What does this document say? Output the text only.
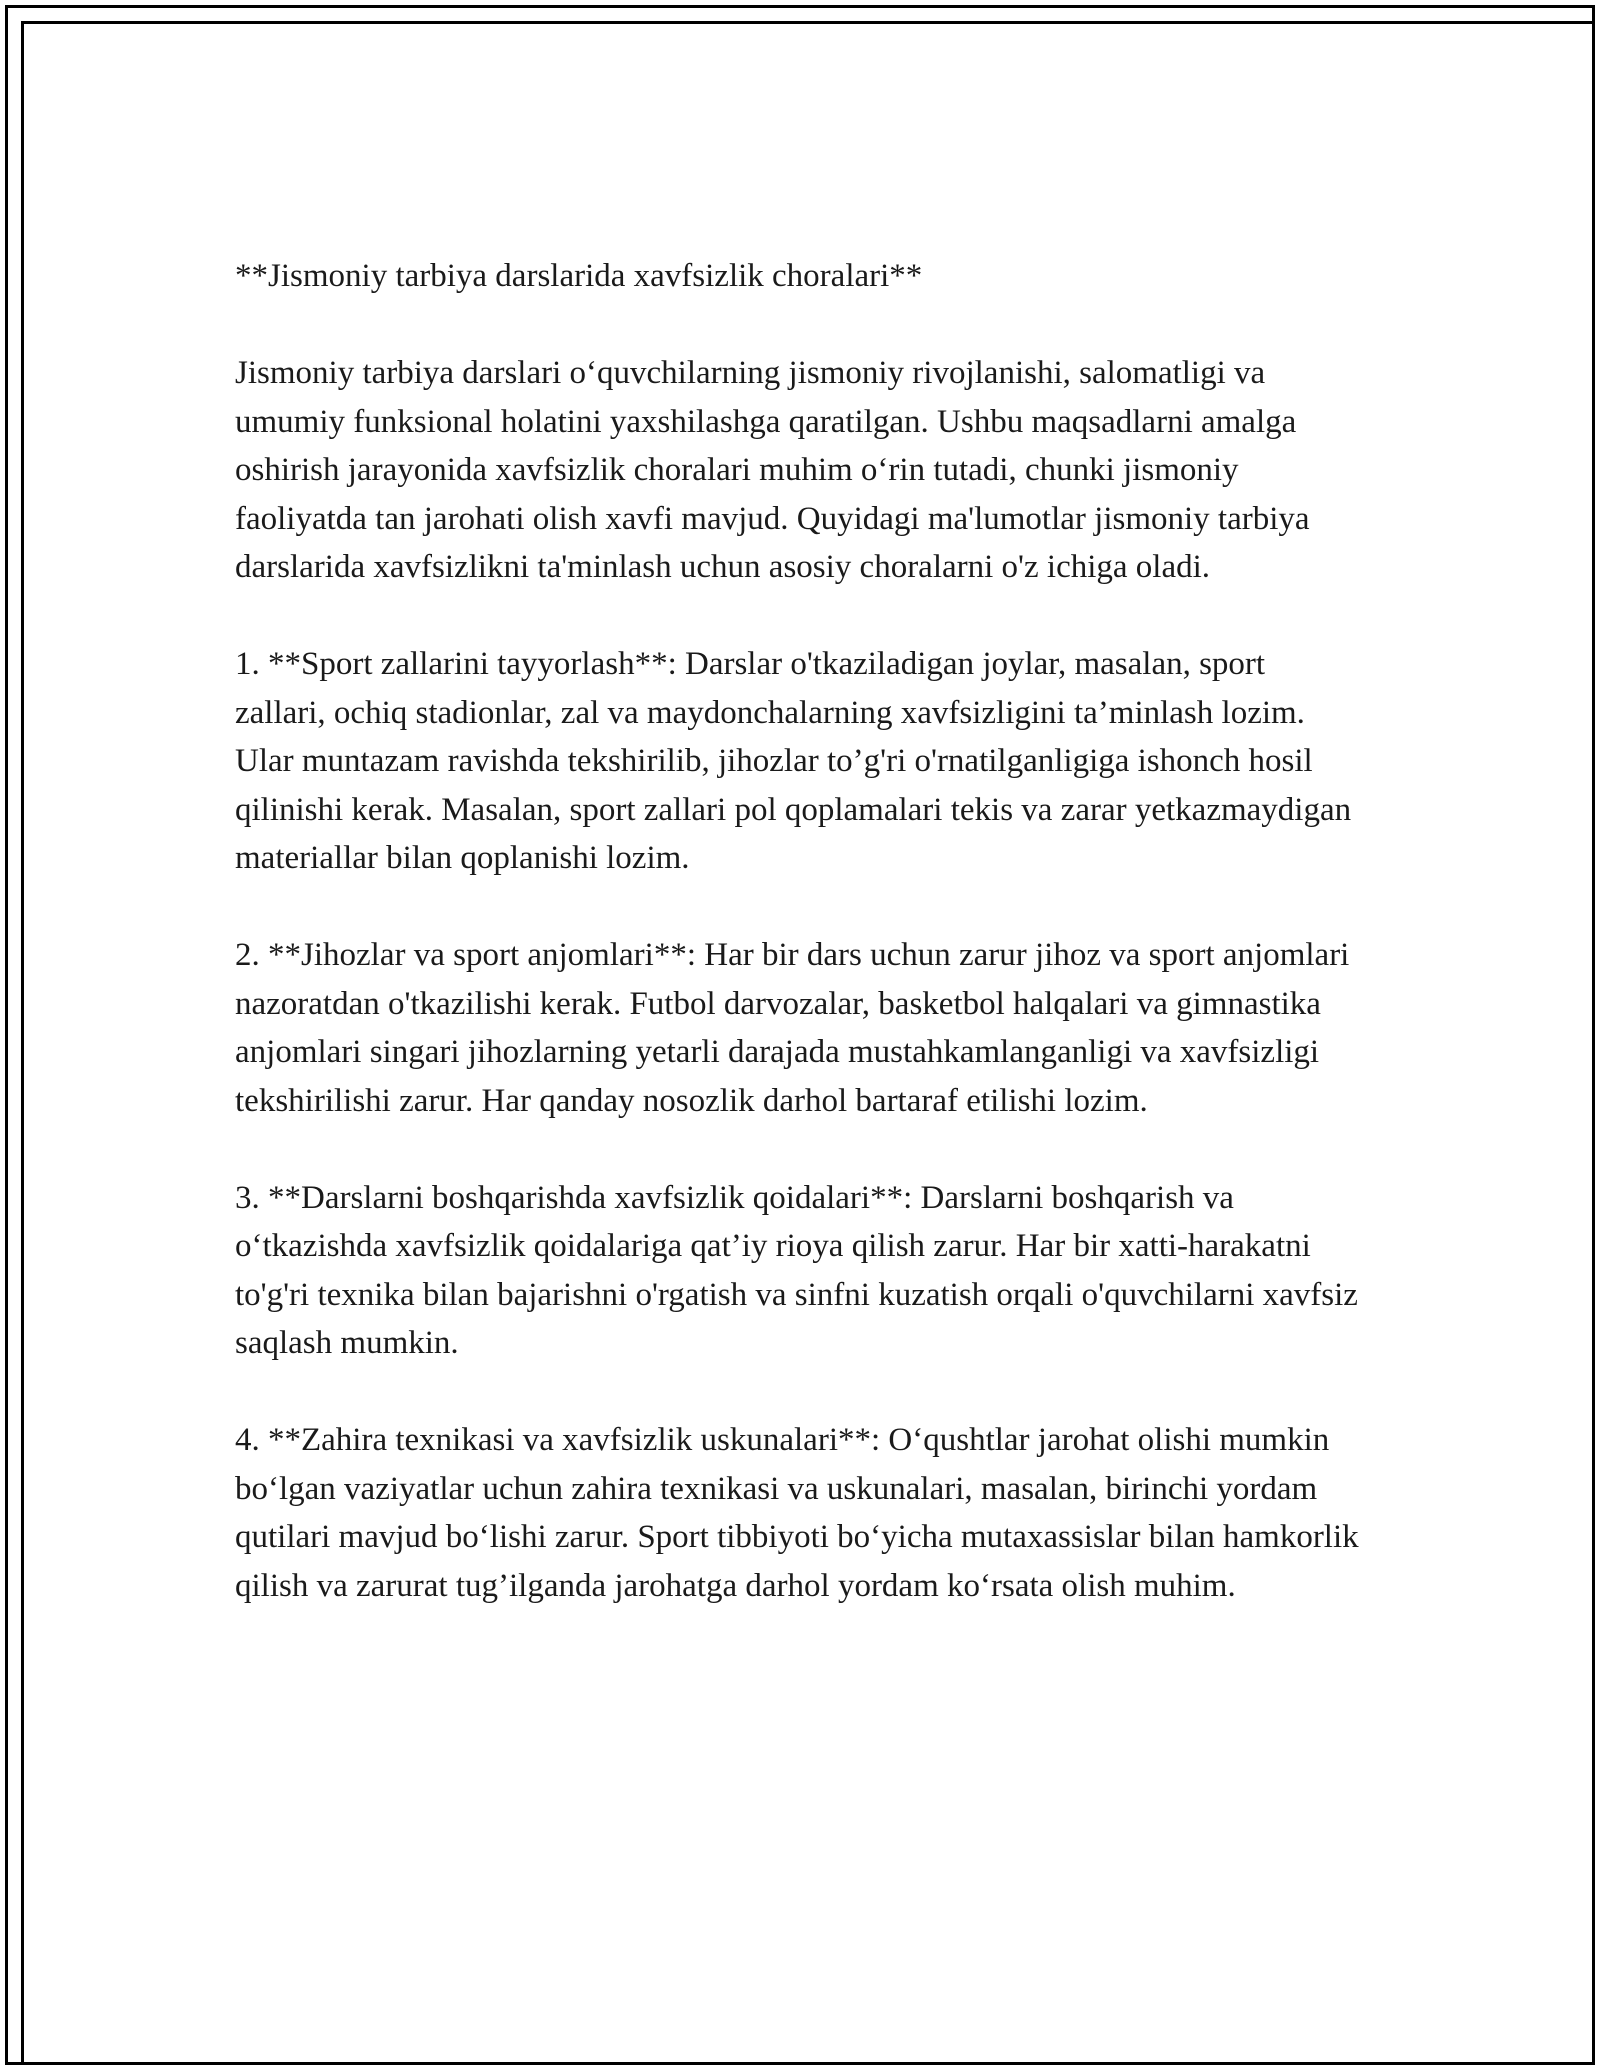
**Jismoniy tarbiya darslarida xavfsizlik choralari**

Jismoniy tarbiya darslari o‘quvchilarning jismoniy rivojlanishi, salomatligi va umumiy funksional holatini yaxshilashga qaratilgan. Ushbu maqsadlarni amalga oshirish jarayonida xavfsizlik choralari muhim o‘rin tutadi, chunki jismoniy faoliyatda tan jarohati olish xavfi mavjud. Quyidagi ma'lumotlar jismoniy tarbiya darslarida xavfsizlikni ta'minlash uchun asosiy choralarni o'z ichiga oladi.

1. **Sport zallarini tayyorlash**: Darslar o'tkaziladigan joylar, masalan, sport zallari, ochiq stadionlar, zal va maydonchalarning xavfsizligini ta’minlash lozim. Ular muntazam ravishda tekshirilib, jihozlar to’g'ri o'rnatilganligiga ishonch hosil qilinishi kerak. Masalan, sport zallari pol qoplamalari tekis va zarar yetkazmaydigan materiallar bilan qoplanishi lozim.

2. **Jihozlar va sport anjomlari**: Har bir dars uchun zarur jihoz va sport anjomlari nazoratdan o'tkazilishi kerak. Futbol darvozalar, basketbol halqalari va gimnastika anjomlari singari jihozlarning yetarli darajada mustahkamlanganligi va xavfsizligi tekshirilishi zarur. Har qanday nosozlik darhol bartaraf etilishi lozim.

3. **Darslarni boshqarishda xavfsizlik qoidalari**: Darslarni boshqarish va o‘tkazishda xavfsizlik qoidalariga qat’iy rioya qilish zarur. Har bir xatti-harakatni to'g'ri texnika bilan bajarishni o'rgatish va sinfni kuzatish orqali o'quvchilarni xavfsiz saqlash mumkin.

4. **Zahira texnikasi va xavfsizlik uskunalari**: O‘qushtlar jarohat olishi mumkin bo‘lgan vaziyatlar uchun zahira texnikasi va uskunalari, masalan, birinchi yordam qutilari mavjud bo‘lishi zarur. Sport tibbiyoti bo‘yicha mutaxassislar bilan hamkorlik qilish va zarurat tug’ilganda jarohatga darhol yordam ko‘rsata olish muhim.
